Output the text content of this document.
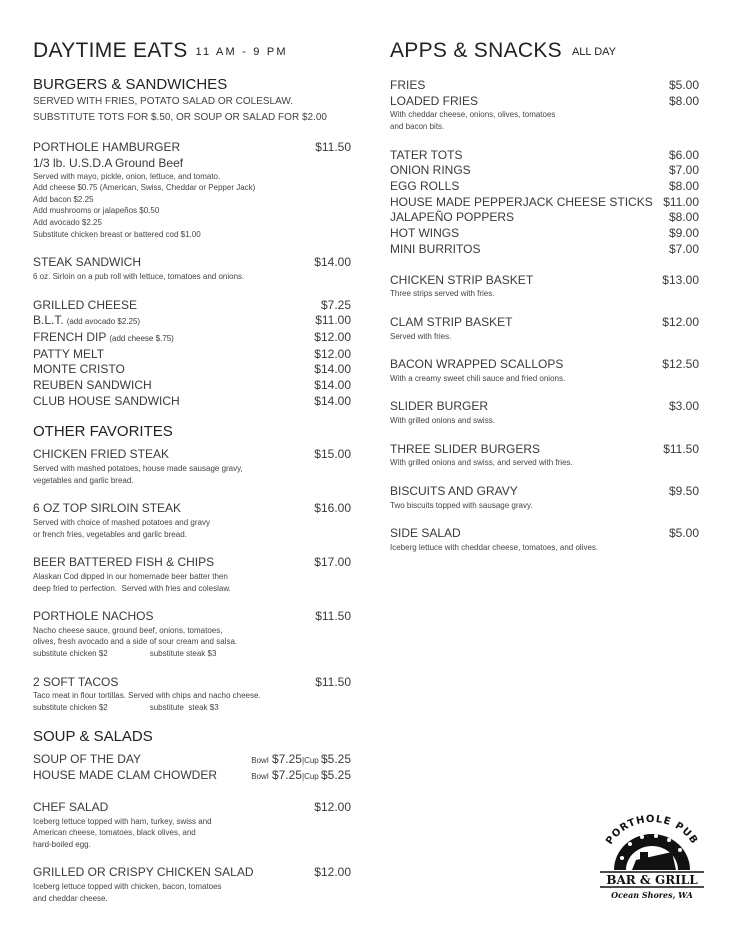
DAYTIME EATS 11 AM - 9 PM
BURGERS & SANDWICHES
SERVED WITH FRIES, POTATO SALAD OR COLESLAW.
SUBSTITUTE TOTS FOR $.50, OR SOUP OR SALAD FOR $2.00
PORTHOLE HAMBURGER	$11.50
1/3 lb. U.S.D.A Ground Beef
Served with mayo, pickle, onion, lettuce, and tomato.
Add cheese $0.75 (American, Swiss, Cheddar or Pepper Jack)
Add bacon $2.25
Add mushrooms or jalapeños $0.50
Add avocado $2.25
Substitute chicken breast or battered cod $1.00
STEAK SANDWICH	$14.00
6 oz. Sirloin on a pub roll with lettuce, tomatoes and onions.
GRILLED CHEESE	$7.25
B.L.T. (add avocado $2.25)	$11.00
FRENCH DIP (add cheese $.75)	$12.00
PATTY MELT	$12.00
MONTE CRISTO	$14.00
REUBEN SANDWICH	$14.00
CLUB HOUSE SANDWICH	$14.00
OTHER FAVORITES
CHICKEN FRIED STEAK	$15.00
Served with mashed potatoes, house made sausage gravy,
vegetables and garlic bread.
6 OZ TOP SIRLOIN STEAK	$16.00
Served with choice of mashed potatoes and gravy
or french fries, vegetables and garlic bread.
BEER BATTERED FISH & CHIPS	$17.00
Alaskan Cod dipped in our homemade beer batter then
deep fried to perfection.  Served with fries and coleslaw.
PORTHOLE NACHOS	$11.50
Nacho cheese sauce, ground beef, onions, tomatoes,
olives, fresh avocado and a side of sour cream and salsa.
substitute chicken $2	substitute steak $3
2 SOFT TACOS	$11.50
Taco meat in flour tortillas. Served with chips and nacho cheese.
substitute chicken $2	substitute  steak $3
SOUP & SALADS
SOUP OF THE DAY	Bowl $7.25|Cup $5.25
HOUSE MADE CLAM CHOWDER	Bowl $7.25|Cup $5.25
CHEF SALAD	$12.00
Iceberg lettuce topped with ham, turkey, swiss and
American cheese, tomatoes, black olives, and
hard-boiled egg.
GRILLED OR CRISPY CHICKEN SALAD	$12.00
Iceberg lettuce topped with chicken, bacon, tomatoes
and cheddar cheese.
APPS & SNACKS ALL DAY
FRIES	$5.00
LOADED FRIES	$8.00
With cheddar cheese, onions, olives, tomatoes
and bacon bits.
TATER TOTS	$6.00
ONION RINGS	$7.00
EGG ROLLS	$8.00
HOUSE MADE PEPPERJACK CHEESE STICKS $11.00
JALAPEÑO POPPERS	$8.00
HOT WINGS	$9.00
MINI BURRITOS	$7.00
CHICKEN STRIP BASKET	$13.00
Three strips served with fries.
CLAM STRIP BASKET	$12.00
Served with fries.
BACON WRAPPED SCALLOPS	$12.50
With a creamy sweet chili sauce and fried onions.
SLIDER BURGER	$3.00
With grilled onions and swiss.
THREE SLIDER BURGERS	$11.50
With grilled onions and swiss, and served with fries.
BISCUITS AND GRAVY	$9.50
Two biscuits topped with sausage gravy.
SIDE SALAD	$5.00
Iceberg lettuce with cheddar cheese, tomatoes, and olives.
PORTHOLE PUB
BAR & GRILL
Ocean Shores, WA
